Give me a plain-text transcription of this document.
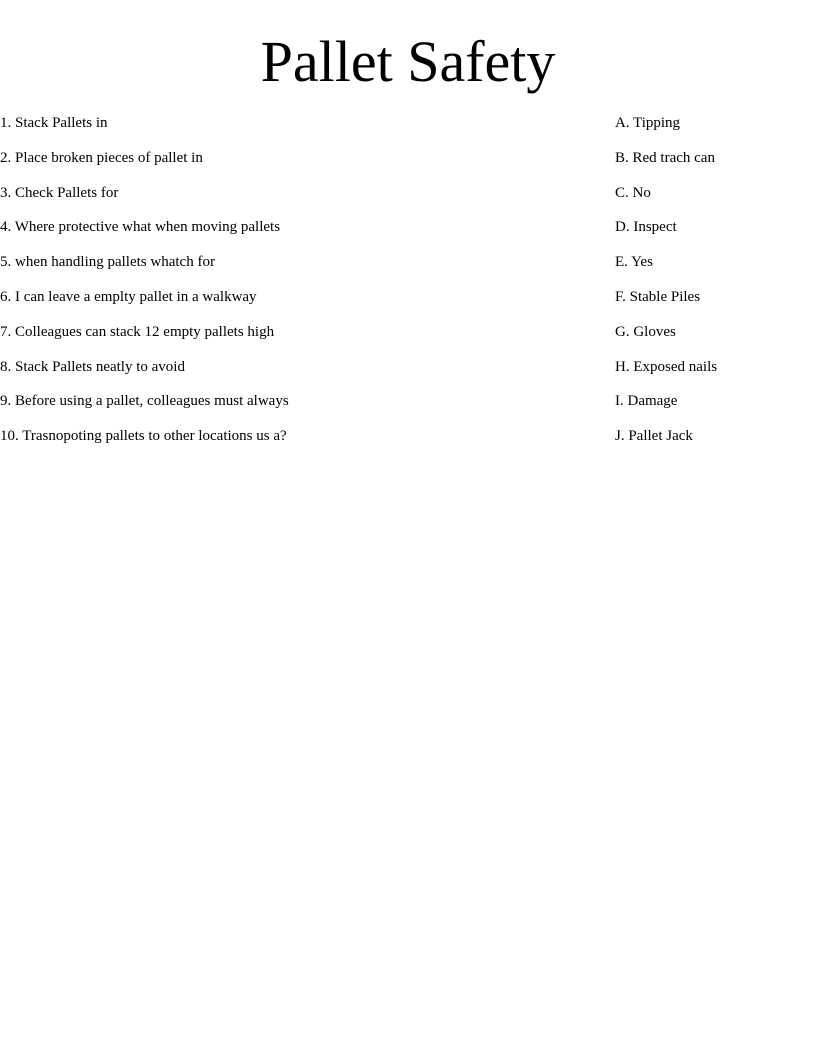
Pallet Safety
1. Stack Pallets in
2. Place broken pieces of pallet in
3. Check Pallets for
4. Where protective what when moving pallets
5. when handling pallets whatch for
6. I can leave a emplty pallet in a walkway
7. Colleagues can stack 12 empty pallets high
8. Stack Pallets neatly to avoid
9. Before using a pallet, colleagues must always
10. Trasnopoting pallets to other locations us a?
A. Tipping
B. Red trach can
C. No
D. Inspect
E. Yes
F. Stable Piles
G. Gloves
H. Exposed nails
I. Damage
J. Pallet Jack
